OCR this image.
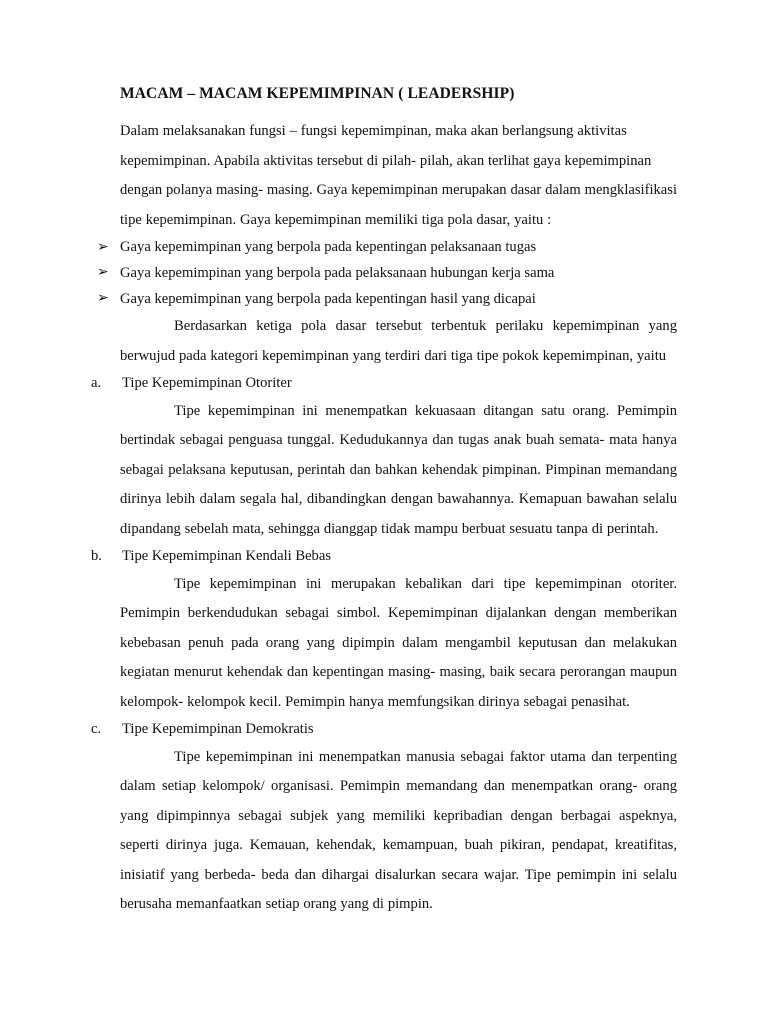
MACAM – MACAM KEPEMIMPINAN ( LEADERSHIP)

Dalam melaksanakan fungsi – fungsi kepemimpinan, maka akan berlangsung aktivitas kepemimpinan. Apabila aktivitas tersebut di pilah- pilah, akan terlihat gaya kepemimpinan dengan polanya masing- masing. Gaya kepemimpinan merupakan dasar dalam mengklasifikasi tipe kepemimpinan. Gaya kepemimpinan memiliki tiga pola dasar, yaitu :

➢ Gaya kepemimpinan yang berpola pada kepentingan pelaksanaan tugas
➢ Gaya kepemimpinan yang berpola pada pelaksanaan hubungan kerja sama
➢ Gaya kepemimpinan yang berpola pada kepentingan hasil yang dicapai

Berdasarkan ketiga pola dasar tersebut terbentuk perilaku kepemimpinan yang berwujud pada kategori kepemimpinan yang terdiri dari tiga tipe pokok kepemimpinan, yaitu

a. Tipe Kepemimpinan Otoriter

Tipe kepemimpinan ini menempatkan kekuasaan ditangan satu orang. Pemimpin bertindak sebagai penguasa tunggal. Kedudukannya dan tugas anak buah semata- mata hanya sebagai pelaksana keputusan, perintah dan bahkan kehendak pimpinan. Pimpinan memandang dirinya lebih dalam segala hal, dibandingkan dengan bawahannya. Kemapuan bawahan selalu dipandang sebelah mata, sehingga dianggap tidak mampu berbuat sesuatu tanpa di perintah.

b. Tipe Kepemimpinan Kendali Bebas

Tipe kepemimpinan ini merupakan kebalikan dari tipe kepemimpinan otoriter. Pemimpin berkendudukan sebagai simbol. Kepemimpinan dijalankan dengan memberikan kebebasan penuh pada orang yang dipimpin dalam mengambil keputusan dan melakukan kegiatan menurut kehendak dan kepentingan masing- masing, baik secara perorangan maupun kelompok- kelompok kecil. Pemimpin hanya memfungsikan dirinya sebagai penasihat.

c. Tipe Kepemimpinan Demokratis

Tipe kepemimpinan ini menempatkan manusia sebagai faktor utama dan terpenting dalam setiap kelompok/ organisasi. Pemimpin memandang dan menempatkan orang- orang yang dipimpinnya sebagai subjek yang memiliki kepribadian dengan berbagai aspeknya, seperti dirinya juga. Kemauan, kehendak, kemampuan, buah pikiran, pendapat, kreatifitas, inisiatif yang berbeda- beda dan dihargai disalurkan secara wajar. Tipe pemimpin ini selalu berusaha memanfaatkan setiap orang yang di pimpin.
